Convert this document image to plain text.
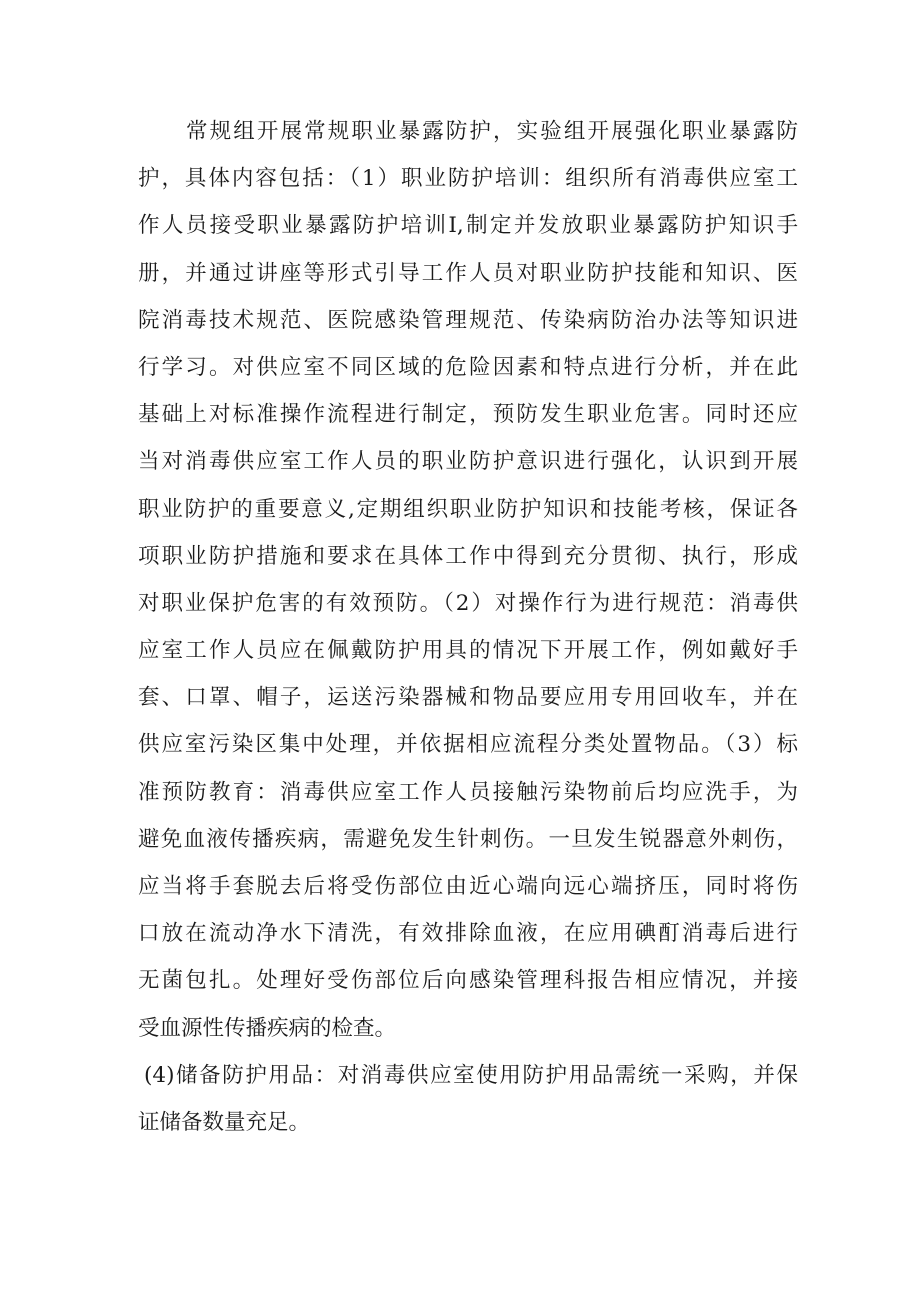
常规组开展常规职业暴露防护，实验组开展强化职业暴露防
护，具体内容包括：（1）职业防护培训：组织所有消毒供应室工
作人员接受职业暴露防护培训I,制定并发放职业暴露防护知识手
册，并通过讲座等形式引导工作人员对职业防护技能和知识、医
院消毒技术规范、医院感染管理规范、传染病防治办法等知识进
行学习。对供应室不同区域的危险因素和特点进行分析，并在此
基础上对标准操作流程进行制定，预防发生职业危害。同时还应
当对消毒供应室工作人员的职业防护意识进行强化，认识到开展
职业防护的重要意义,定期组织职业防护知识和技能考核，保证各
项职业防护措施和要求在具体工作中得到充分贯彻、执行，形成
对职业保护危害的有效预防。（2）对操作行为进行规范：消毒供
应室工作人员应在佩戴防护用具的情况下开展工作，例如戴好手
套、口罩、帽子，运送污染器械和物品要应用专用回收车，并在
供应室污染区集中处理，并依据相应流程分类处置物品。（3）标
准预防教育：消毒供应室工作人员接触污染物前后均应洗手，为
避免血液传播疾病，需避免发生针刺伤。一旦发生锐器意外刺伤，
应当将手套脱去后将受伤部位由近心端向远心端挤压，同时将伤
口放在流动净水下清洗，有效排除血液，在应用碘酊消毒后进行
无菌包扎。处理好受伤部位后向感染管理科报告相应情况，并接
受血源性传播疾病的检查。
(4)储备防护用品：对消毒供应室使用防护用品需统一采购，并保
证储备数量充足。
